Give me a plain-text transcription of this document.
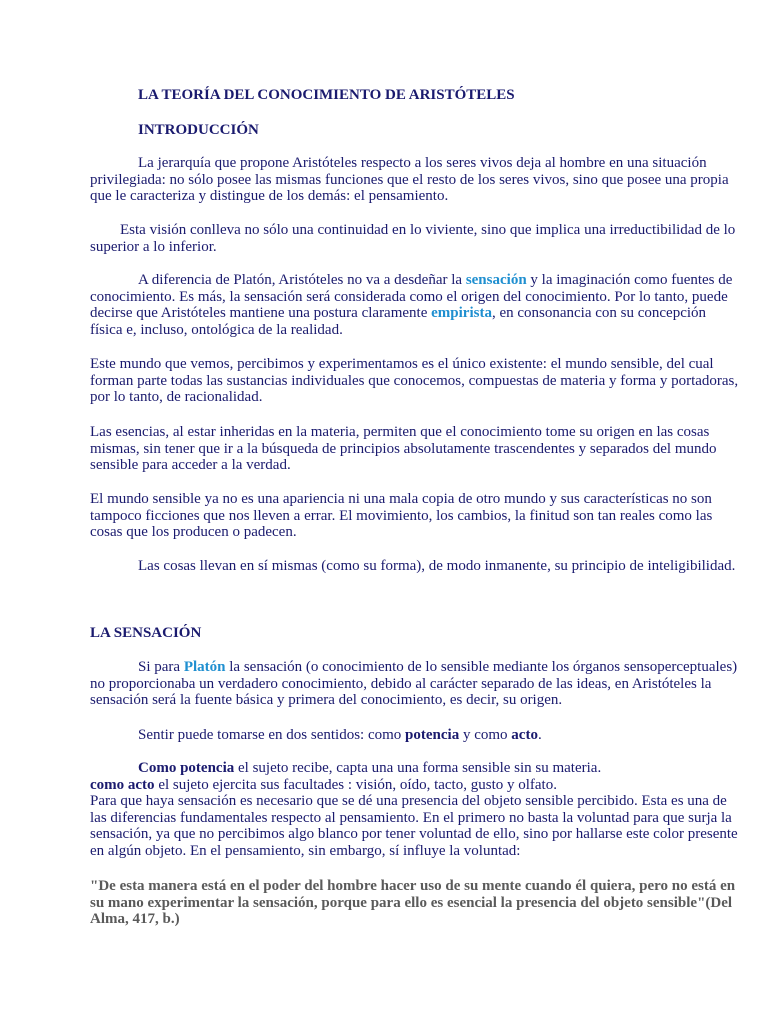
LA TEORÍA DEL CONOCIMIENTO DE ARISTÓTELES
INTRODUCCIÓN

La jerarquía que propone Aristóteles respecto a los seres vivos deja al hombre en una situación privilegiada: no sólo posee las mismas funciones que el resto de los seres vivos, sino que posee una propia que le caracteriza y distingue de los demás: el pensamiento.

Esta visión conlleva no sólo una continuidad en lo viviente, sino que implica una irreductibilidad de lo superior a lo inferior.

A diferencia de Platón, Aristóteles no va a desdeñar la sensación y la imaginación como fuentes de conocimiento. Es más, la sensación será considerada como el origen del conocimiento. Por lo tanto, puede decirse que Aristóteles mantiene una postura claramente empirista, en consonancia con su concepción física e, incluso, ontológica de la realidad.

Este mundo que vemos, percibimos y experimentamos es el único existente: el mundo sensible, del cual forman parte todas las sustancias individuales que conocemos, compuestas de materia y forma y portadoras, por lo tanto, de racionalidad.

Las esencias, al estar inheridas en la materia, permiten que el conocimiento tome su origen en las cosas mismas, sin tener que ir a la búsqueda de principios absolutamente trascendentes y separados del mundo sensible para acceder a la verdad.

El mundo sensible ya no es una apariencia ni una mala copia de otro mundo y sus características no son tampoco ficciones que nos lleven a errar. El movimiento, los cambios, la finitud son tan reales como las cosas que los producen o padecen.

Las cosas llevan en sí mismas (como su forma), de modo inmanente, su principio de inteligibilidad.

LA SENSACIÓN

Si para Platón la sensación (o conocimiento de lo sensible mediante los órganos sensoperceptuales) no proporcionaba un verdadero conocimiento, debido al carácter separado de las ideas, en Aristóteles la sensación será la fuente básica y primera del conocimiento, es decir, su origen.

Sentir puede tomarse en dos sentidos: como potencia y como acto.

Como potencia el sujeto recibe, capta una una forma sensible sin su materia.
como acto el sujeto ejercita sus facultades : visión, oído, tacto, gusto y olfato.
Para que haya sensación es necesario que se dé una presencia del objeto sensible percibido. Esta es una de las diferencias fundamentales respecto al pensamiento. En el primero no basta la voluntad para que surja la sensación, ya que no percibimos algo blanco por tener voluntad de ello, sino por hallarse este color presente en algún objeto. En el pensamiento, sin embargo, sí influye la voluntad:

"De esta manera está en el poder del hombre hacer uso de su mente cuando él quiera, pero no está en su mano experimentar la sensación, porque para ello es esencial la presencia del objeto sensible"(Del Alma, 417, b.)
